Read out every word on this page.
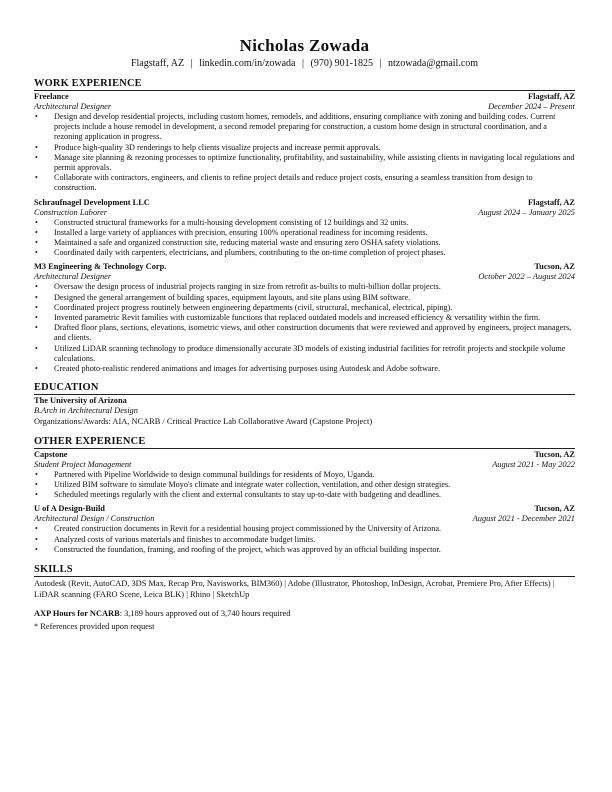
Nicholas Zowada
Flagstaff, AZ | linkedin.com/in/zowada | (970) 901-1825 | ntzowada@gmail.com
WORK EXPERIENCE
Freelance	Flagstaff, AZ
Architectural Designer	December 2024 – Present
• Design and develop residential projects, including custom homes, remodels, and additions, ensuring compliance with zoning and building codes. Current projects include a house remodel in development, a second remodel preparing for construction, a custom home design in structural coordination, and a rezoning application in progress.
• Produce high-quality 3D renderings to help clients visualize projects and increase permit approvals.
• Manage site planning & rezoning processes to optimize functionality, profitability, and sustainability, while assisting clients in navigating local regulations and permit approvals.
• Collaborate with contractors, engineers, and clients to refine project details and reduce project costs, ensuring a seamless transition from design to construction.
Schraufnagel Development LLC	Flagstaff, AZ
Construction Laborer	August 2024 – January 2025
• Constructed structural frameworks for a multi-housing development consisting of 12 buildings and 32 units.
• Installed a large variety of appliances with precision, ensuring 100% operational readiness for incoming residents.
• Maintained a safe and organized construction site, reducing material waste and ensuring zero OSHA safety violations.
• Coordinated daily with carpenters, electricians, and plumbers, contributing to the on-time completion of project phases.
M3 Engineering & Technology Corp.	Tucson, AZ
Architectural Designer	October 2022 – August 2024
• Oversaw the design process of industrial projects ranging in size from retrofit as-builts to multi-billion dollar projects.
• Designed the general arrangement of building spaces, equipment layouts, and site plans using BIM software.
• Coordinated project progress routinely between engineering departments (civil, structural, mechanical, electrical, piping).
• Invented parametric Revit families with customizable functions that replaced outdated models and increased efficiency & versatility within the firm.
• Drafted floor plans, sections, elevations, isometric views, and other construction documents that were reviewed and approved by engineers, project managers, and clients.
• Utilized LiDAR scanning technology to produce dimensionally accurate 3D models of existing industrial facilities for retrofit projects and stockpile volume calculations.
• Created photo-realistic rendered animations and images for advertising purposes using Autodesk and Adobe software.
EDUCATION
The University of Arizona
B.Arch in Architectural Design
Organizations/Awards: AIA, NCARB / Critical Practice Lab Collaborative Award (Capstone Project)
OTHER EXPERIENCE
Capstone	Tucson, AZ
Student Project Management	August 2021 - May 2022
• Partnered with Pipeline Worldwide to design communal buildings for residents of Moyo, Uganda.
• Utilized BIM software to simulate Moyo's climate and integrate water collection, ventilation, and other design strategies.
• Scheduled meetings regularly with the client and external consultants to stay up-to-date with budgeting and deadlines.
U of A Design-Build	Tucson, AZ
Architectural Design / Construction	August 2021 - December 2021
• Created construction documents in Revit for a residential housing project commissioned by the University of Arizona.
• Analyzed costs of various materials and finishes to accommodate budget limits.
• Constructed the foundation, framing, and roofing of the project, which was approved by an official building inspector.
SKILLS
Autodesk (Revit, AutoCAD, 3DS Max, Recap Pro, Navisworks, BIM360) | Adobe (Illustrator, Photoshop, InDesign, Acrobat, Premiere Pro, After Effects) | LiDAR scanning (FARO Scene, Leica BLK) | Rhino | SketchUp
AXP Hours for NCARB: 3,189 hours approved out of 3,740 hours required
* References provided upon request
